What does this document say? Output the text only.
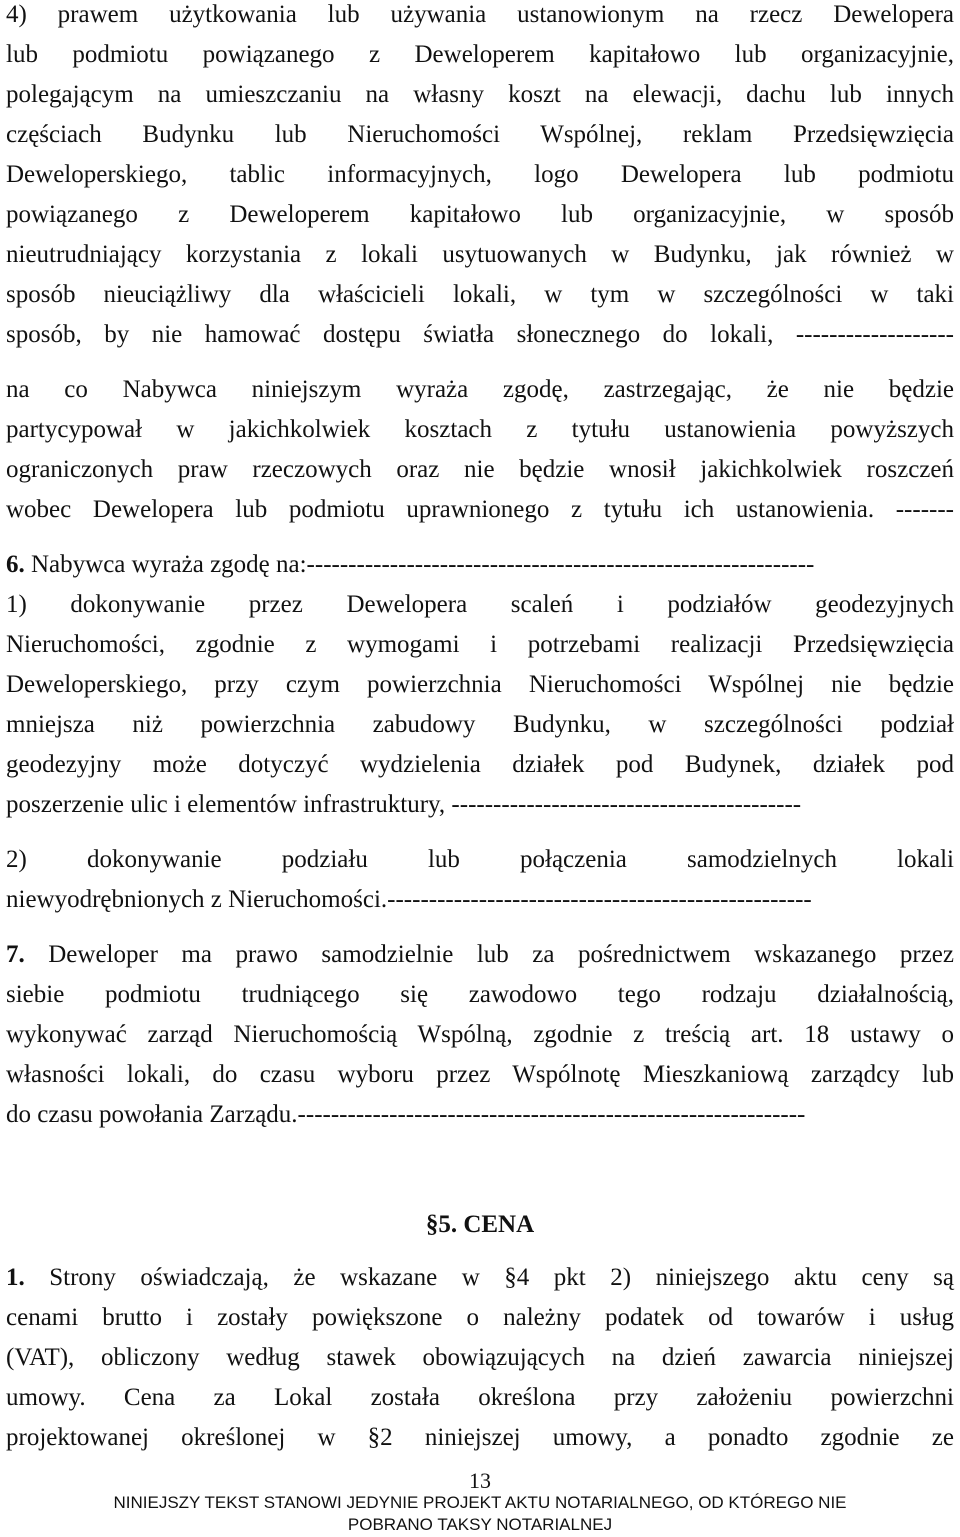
4) prawem użytkowania lub używania ustanowionym na rzecz Dewelopera
lub podmiotu powiązanego z Deweloperem kapitałowo lub organizacyjnie,
polegającym na umieszczaniu na własny koszt na elewacji, dachu lub innych
częściach Budynku lub Nieruchomości Wspólnej, reklam Przedsięwzięcia
Deweloperskiego, tablic informacyjnych, logo Dewelopera lub podmiotu
powiązanego z Deweloperem kapitałowo lub organizacyjnie, w sposób
nieutrudniający korzystania z lokali usytuowanych w Budynku, jak również w
sposób nieuciążliwy dla właścicieli lokali, w tym w szczególności w taki
sposób, by nie hamować dostępu światła słonecznego do lokali, -------------------
na co Nabywca niniejszym wyraża zgodę, zastrzegając, że nie będzie
partycypował w jakichkolwiek kosztach z tytułu ustanowienia powyższych
ograniczonych praw rzeczowych oraz nie będzie wnosił jakichkolwiek roszczeń
wobec Dewelopera lub podmiotu uprawnionego z tytułu ich ustanowienia. -------
6. Nabywca wyraża zgodę na:-------------------------------------------------------------
1) dokonywanie przez Dewelopera scaleń i podziałów geodezyjnych
Nieruchomości, zgodnie z wymogami i potrzebami realizacji Przedsięwzięcia
Deweloperskiego, przy czym powierzchnia Nieruchomości Wspólnej nie będzie
mniejsza niż powierzchnia zabudowy Budynku, w szczególności podział
geodezyjny może dotyczyć wydzielenia działek pod Budynek, działek pod
poszerzenie ulic i elementów infrastruktury, ------------------------------------------
2) dokonywanie podziału lub połączenia samodzielnych lokali
niewyodrębnionych z Nieruchomości.---------------------------------------------------
7. Deweloper ma prawo samodzielnie lub za pośrednictwem wskazanego przez
siebie podmiotu trudniącego się zawodowo tego rodzaju działalnością,
wykonywać zarząd Nieruchomością Wspólną, zgodnie z treścią art. 18 ustawy o
własności lokali, do czasu wyboru przez Wspólnotę Mieszkaniową zarządcy lub
do czasu powołania Zarządu.-------------------------------------------------------------
§5. CENA
1. Strony oświadczają, że wskazane w §4 pkt 2) niniejszego aktu ceny są
cenami brutto i zostały powiększone o należny podatek od towarów i usług
(VAT), obliczony według stawek obowiązujących na dzień zawarcia niniejszej
umowy. Cena za Lokal została określona przy założeniu powierzchni
projektowanej określonej w §2 niniejszej umowy, a ponadto zgodnie ze
13
NINIEJSZY TEKST STANOWI JEDYNIE PROJEKT AKTU NOTARIALNEGO, OD KTÓREGO NIE
POBRANO TAKSY NOTARIALNEJ
